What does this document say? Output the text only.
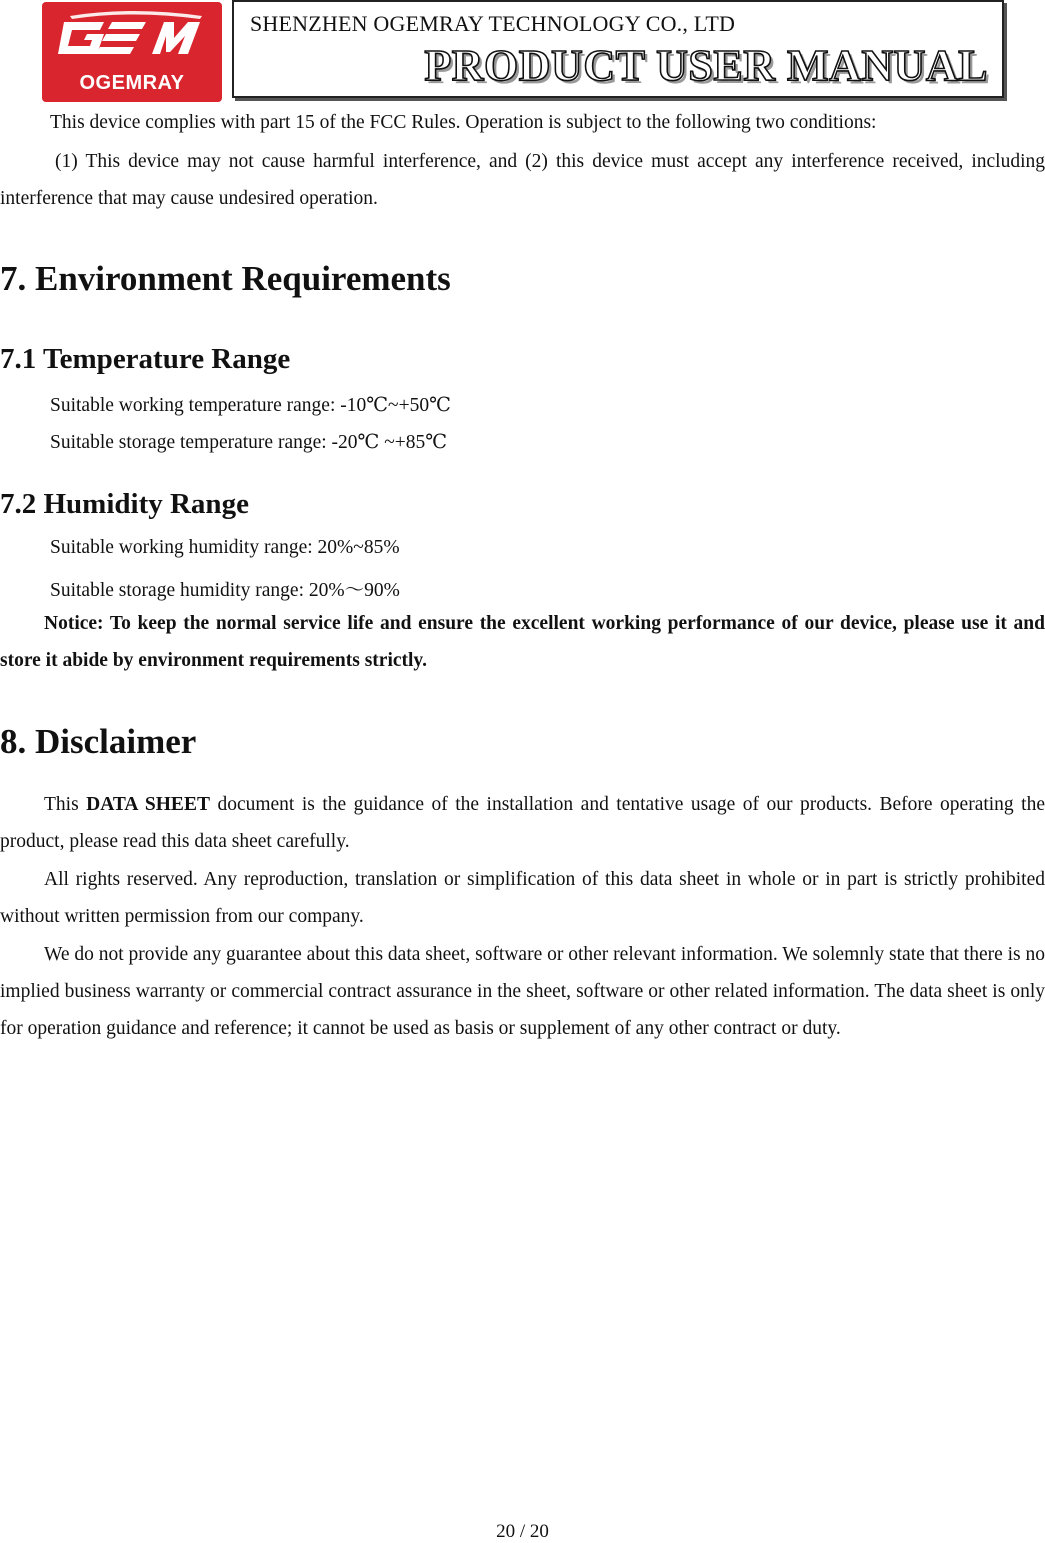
OGEMRAY
SHENZHEN OGEMRAY TECHNOLOGY CO., LTD
PRODUCT USER MANUAL
This device complies with part 15 of the FCC Rules. Operation is subject to the following two conditions:

(1) This device may not cause harmful interference, and (2) this device must accept any interference received, including interference that may cause undesired operation.

7. Environment Requirements
7.1 Temperature Range
Suitable working temperature range: -10℃~+50℃
Suitable storage temperature range: -20℃ ~+85℃
7.2 Humidity Range
Suitable working humidity range: 20%~85%
Suitable storage humidity range: 20%～90%

Notice: To keep the normal service life and ensure the excellent working performance of our device, please use it and store it abide by environment requirements strictly.

8. Disclaimer

This DATA SHEET document is the guidance of the installation and tentative usage of our products. Before operating the product, please read this data sheet carefully.

All rights reserved. Any reproduction, translation or simplification of this data sheet in whole or in part is strictly prohibited without written permission from our company.

We do not provide any guarantee about this data sheet, software or other relevant information. We solemnly state that there is no implied business warranty or commercial contract assurance in the sheet, software or other related information. The data sheet is only for operation guidance and reference; it cannot be used as basis or supplement of any other contract or duty.

20 / 20
